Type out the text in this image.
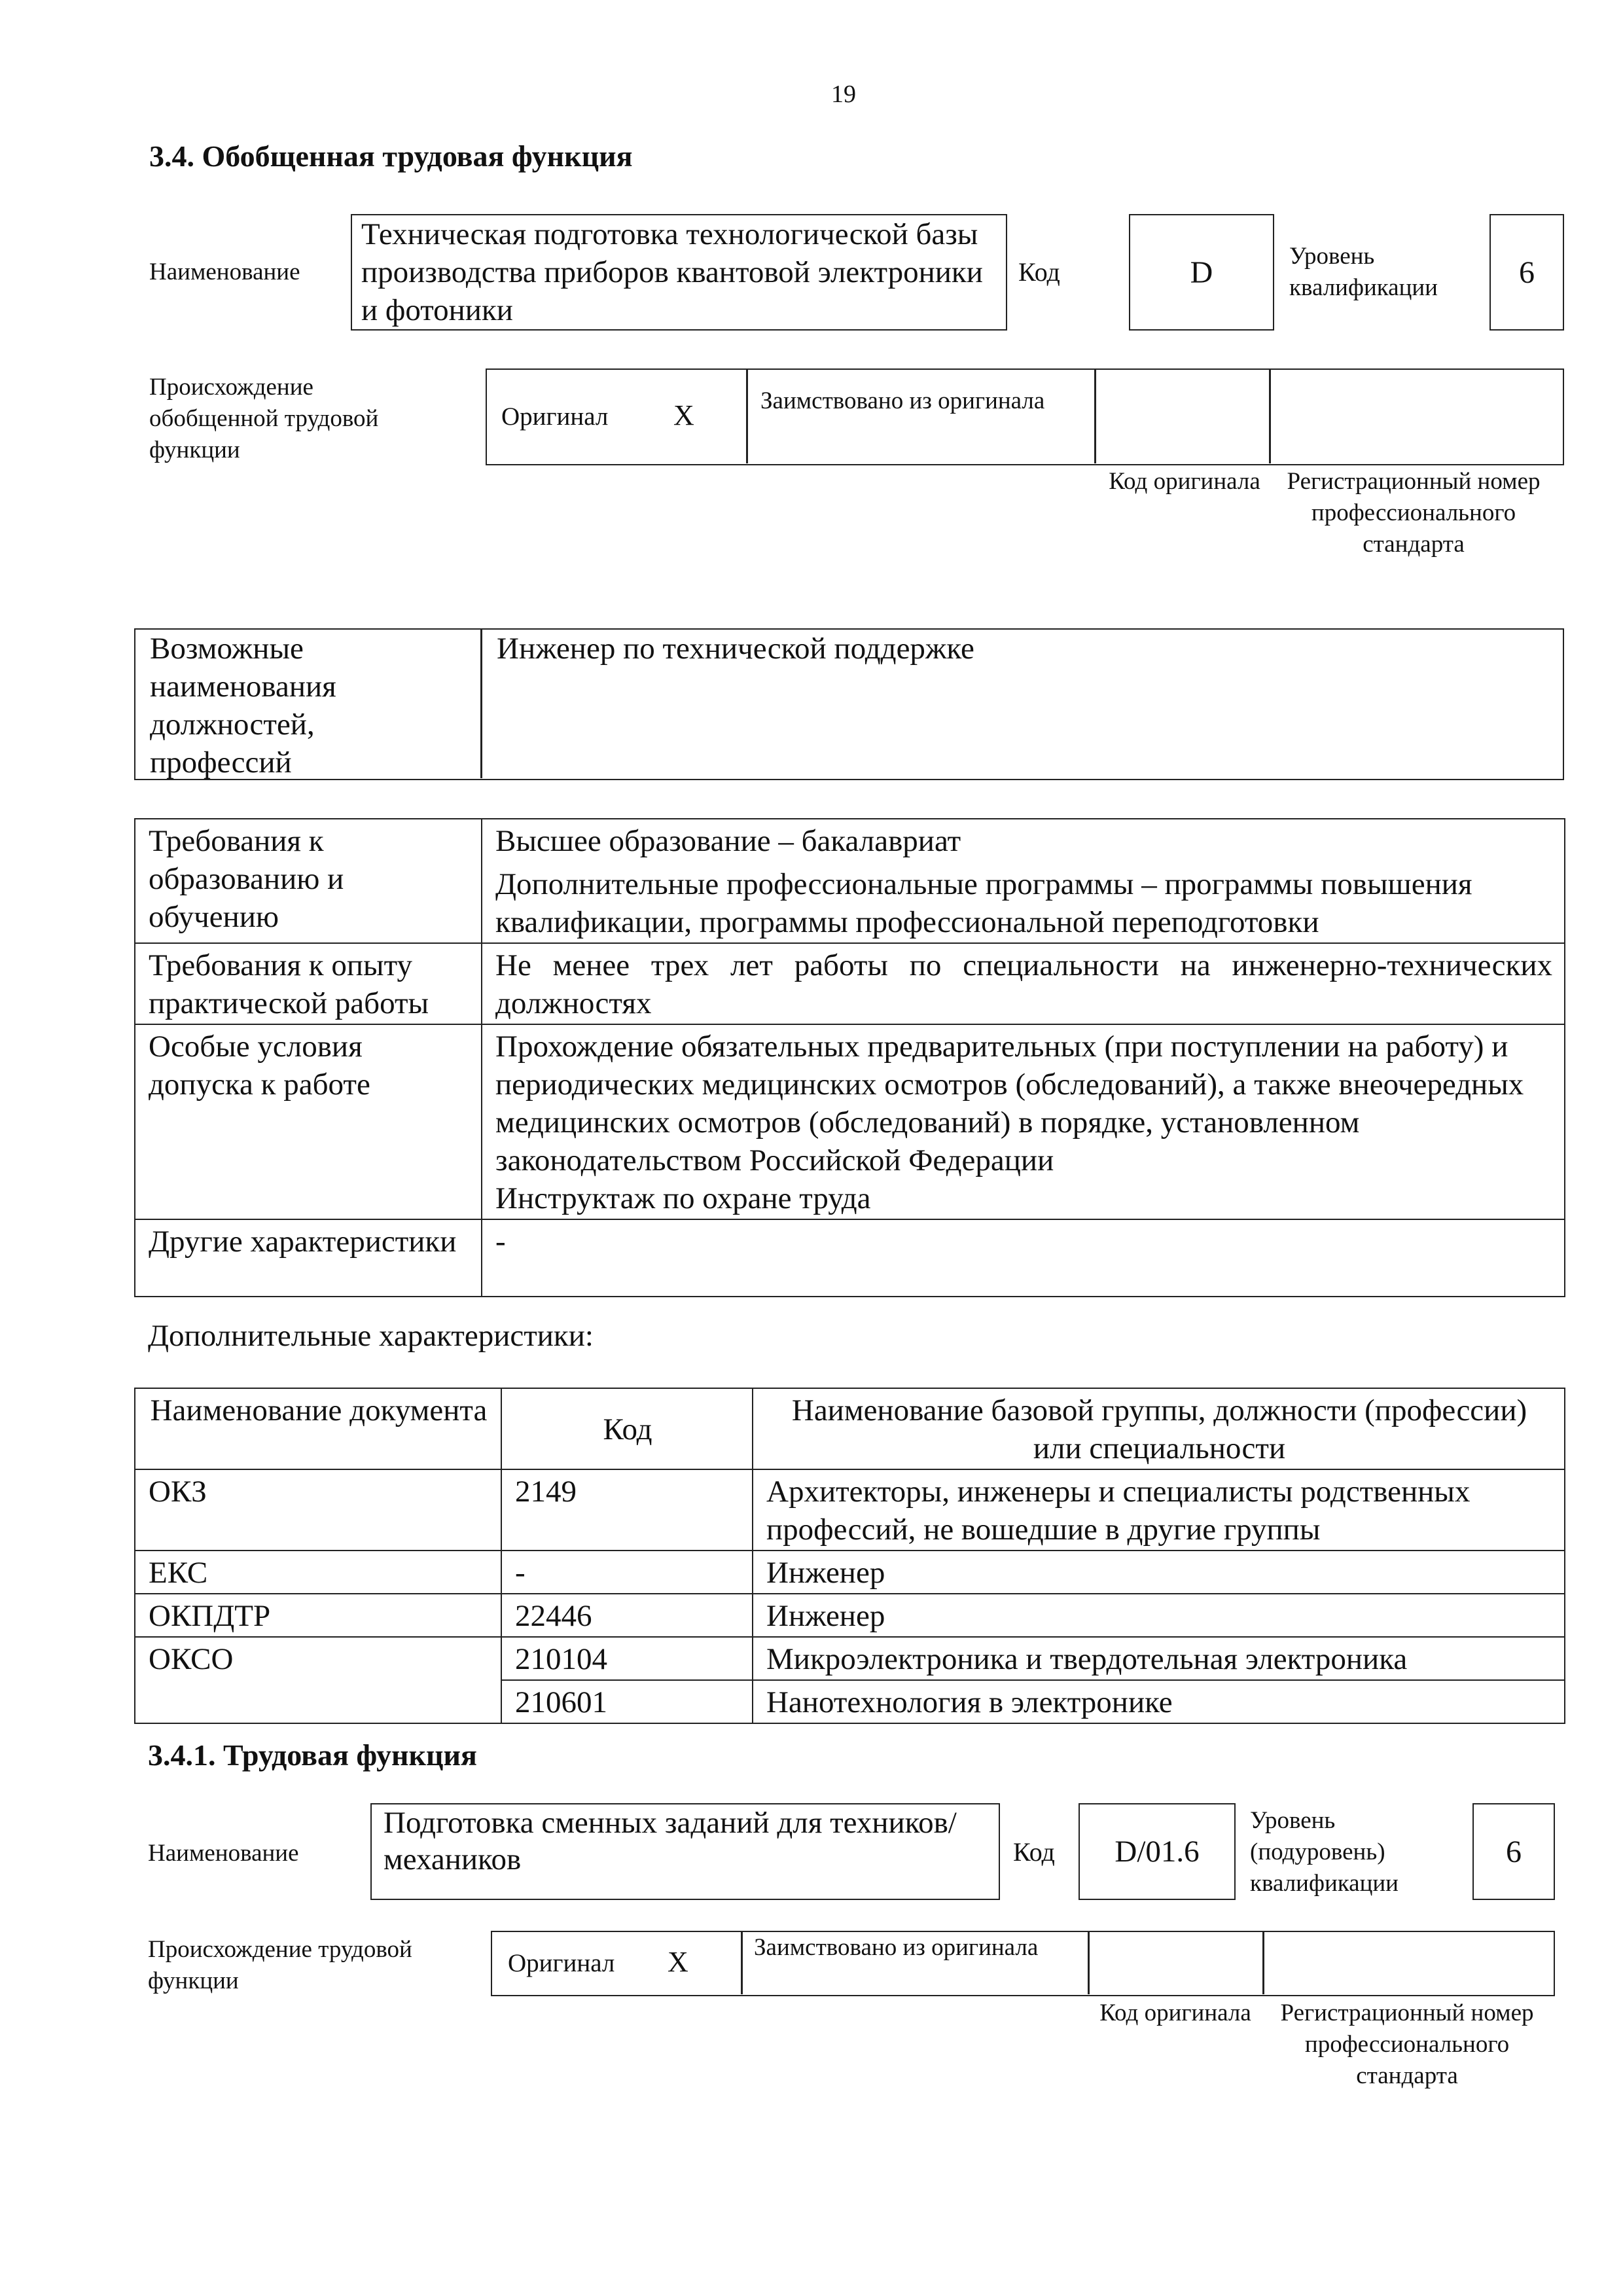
19
3.4. Обобщенная трудовая функция
Наименование
Техническая подготовка технологической базы производства приборов квантовой электроники и фотоники
Код	D	Уровень квалификации	6
Происхождение обобщенной трудовой функции
Оригинал X	Заимствовано из оригинала
Код оригинала Регистрационный номер профессионального стандарта
Возможные наименования должностей, профессий
Инженер по технической поддержке
Требования к образованию и обучению	Высшее образование – бакалавриат
Дополнительные профессиональные программы – программы повышения квалификации, программы профессиональной переподготовки

Требования к опыту практической работы	Не менее трех лет работы по специальности на инженерно-технических должностях

Особые условия допуска к работе	Прохождение обязательных предварительных (при поступлении на работу) и периодических медицинских осмотров (обследований), а также внеочередных медицинских осмотров (обследований) в порядке, установленном законодательством Российской Федерации
Инструктаж по охране труда

Другие характеристики	-
Дополнительные характеристики:
Наименование документа	Код	Наименование базовой группы, должности (профессии) или специальности
ОКЗ	2149	Архитекторы, инженеры и специалисты родственных профессий, не вошедшие в другие группы
ЕКС	-	Инженер
ОКПДТР	22446	Инженер
ОКСО	210104	Микроэлектроника и твердотельная электроника
	210601	Нанотехнология в электронике
3.4.1. Трудовая функция
Наименование
Подготовка сменных заданий для техников/механиков	Код D/01.6
Уровень (подуровень) квалификации
6
Происхождение трудовой функции
Оригинал X	Заимствовано из оригинала
Код оригинала Регистрационный номер профессионального стандарта
